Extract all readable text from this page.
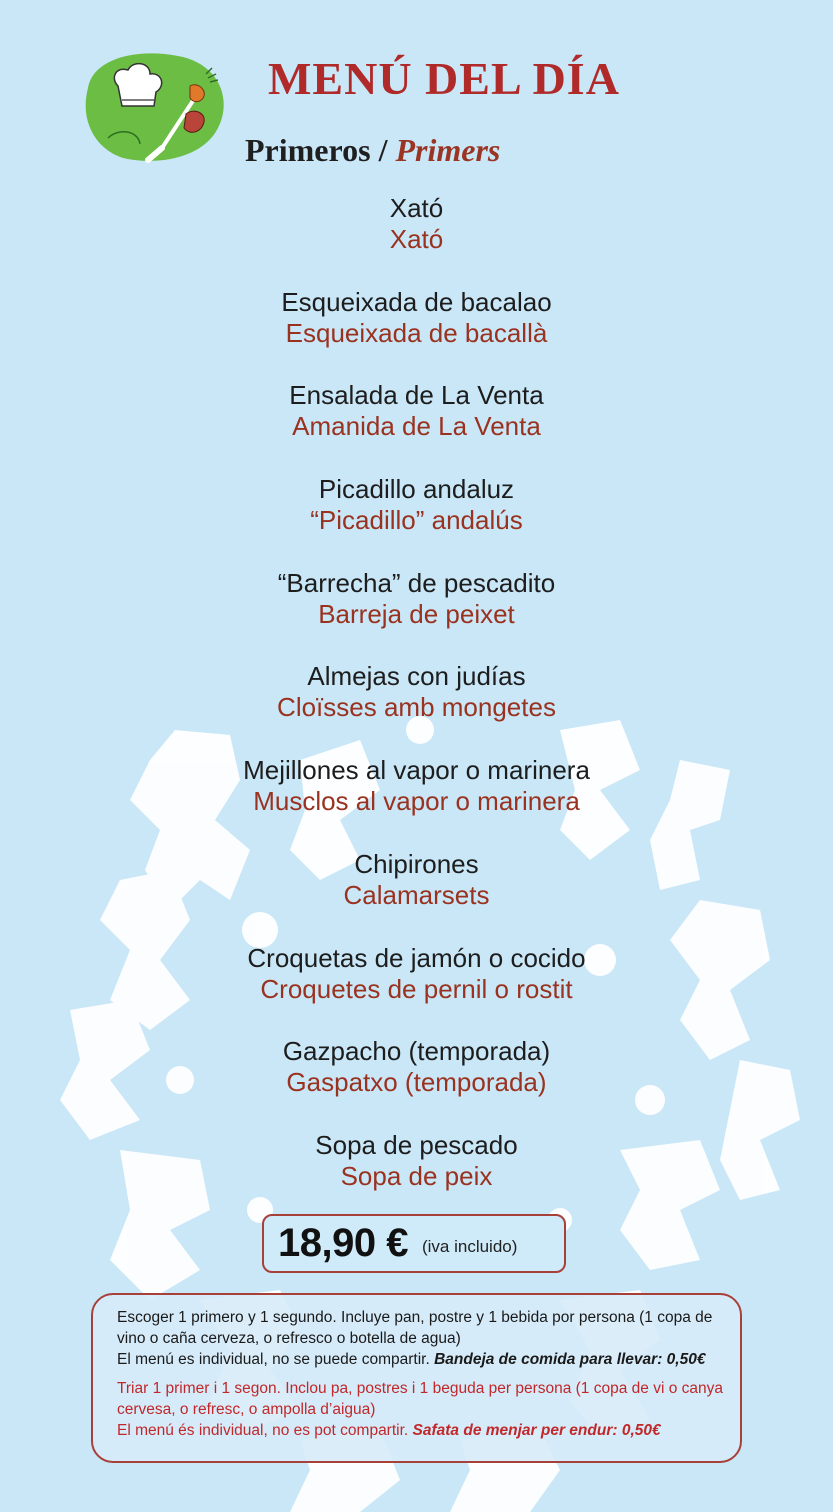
MENÚ DEL DÍA
Primeros / Primers
Xató
Xató
Esqueixada de bacalao
Esqueixada de bacallà
Ensalada de La Venta
Amanida de La Venta
Picadillo andaluz
“Picadillo” andalús
“Barrecha” de pescadito
Barreja de peixet
Almejas con judías
Cloïsses amb mongetes
Mejillones al vapor o marinera
Musclos al vapor o marinera
Chipirones
Calamarsets
Croquetas de jamón o cocido
Croquetes de pernil o rostit
Gazpacho (temporada)
Gaspatxo (temporada)
Sopa de pescado
Sopa de peix
18,90 € (iva incluido)

Escoger 1 primero y 1 segundo. Incluye pan, postre y 1 bebida por persona (1 copa de vino o caña cerveza, o refresco o botella de agua)
El menú es individual, no se puede compartir. Bandeja de comida para llevar: 0,50€

Triar 1 primer i 1 segon. Inclou pa, postres i 1 beguda per persona (1 copa de vi o canya cervesa, o refresc, o ampolla d’aigua)
El menú és individual, no es pot compartir. Safata de menjar per endur: 0,50€
